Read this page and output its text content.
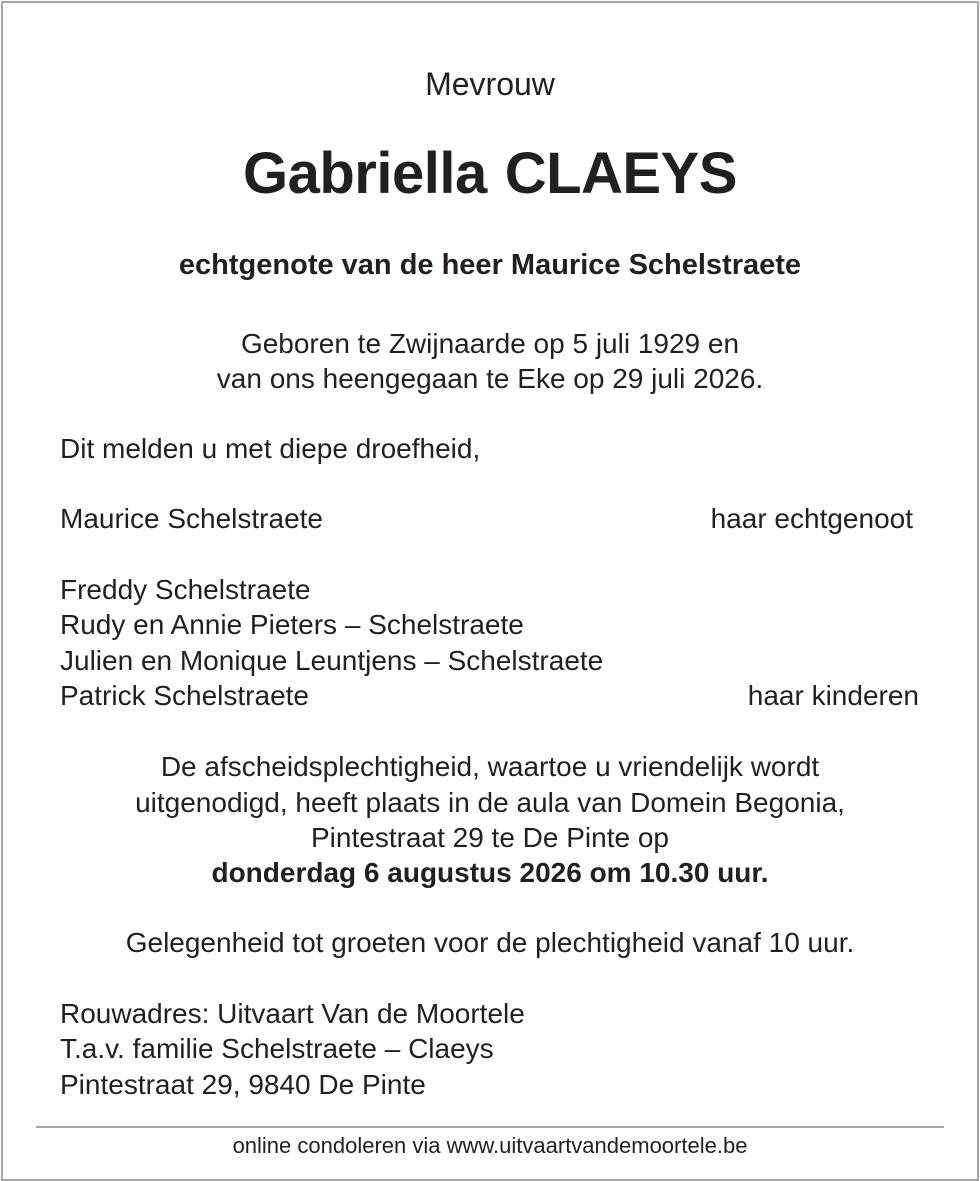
Mevrouw
Gabriella CLAEYS
echtgenote van de heer Maurice Schelstraete
Geboren te Zwijnaarde op 5 juli 1929 en
van ons heengegaan te Eke op 29 juli 2026.
Dit melden u met diepe droefheid,
Maurice Schelstraete	haar echtgenoot
Freddy Schelstraete
Rudy en Annie Pieters – Schelstraete
Julien en Monique Leuntjens – Schelstraete
Patrick Schelstraete	haar kinderen
De afscheidsplechtigheid, waartoe u vriendelijk wordt
uitgenodigd, heeft plaats in de aula van Domein Begonia,
Pintestraat 29 te De Pinte op
donderdag 6 augustus 2026 om 10.30 uur.
Gelegenheid tot groeten voor de plechtigheid vanaf 10 uur.
Rouwadres: Uitvaart Van de Moortele
T.a.v. familie Schelstraete – Claeys
Pintestraat 29, 9840 De Pinte
online condoleren via www.uitvaartvandemoortele.be
